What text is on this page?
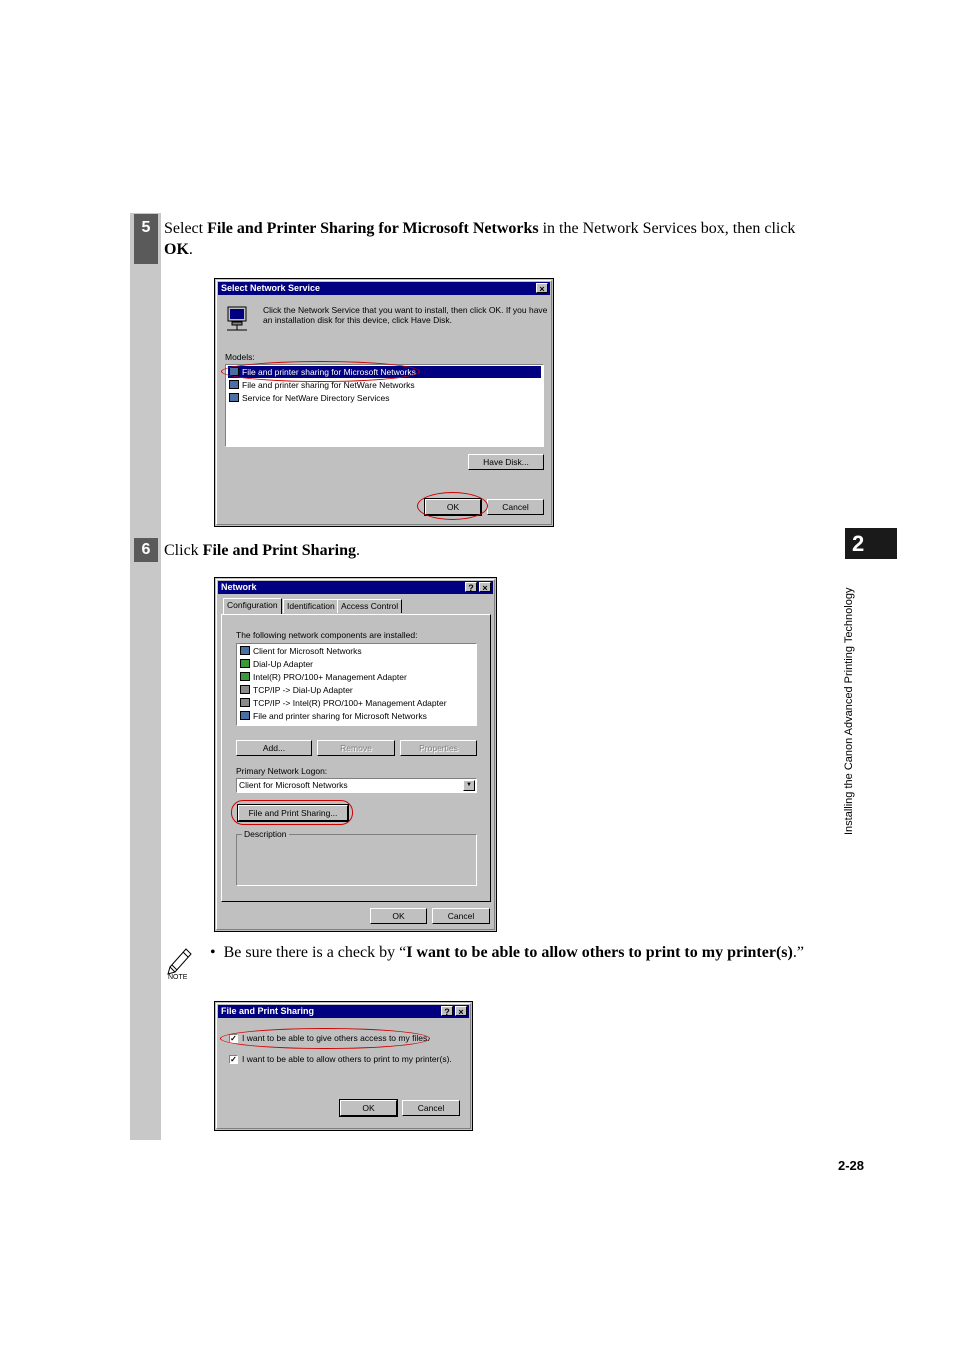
5 Select File and Printer Sharing for Microsoft Networks in the Network Services box, then click OK.
Select Network Service	×
Click the Network Service that you want to install, then click OK. If you have
an installation disk for this device, click Have Disk.
Models:
File and printer sharing for Microsoft Networks
File and printer sharing for NetWare Networks
Service for NetWare Directory Services
Have Disk...
OK	Cancel
6 Click File and Print Sharing.
Network	? ×
Configuration	Identification Access Control
The following network components are installed:
Client for Microsoft Networks
Dial-Up Adapter
Intel(R) PRO/100+ Management Adapter
TCP/IP -> Dial-Up Adapter
TCP/IP -> Intel(R) PRO/100+ Management Adapter
File and printer sharing for Microsoft Networks
Add...	Remove	Properties
Primary Network Logon:
Client for Microsoft Networks	▼
File and Print Sharing...
Description
OK	Cancel
NOTE
• Be sure there is a check by “I want to be able to allow others to print to my printer(s).”
File and Print Sharing	? ×
✓ I want to be able to give others access to my files.
✓ I want to be able to allow others to print to my printer(s).
OK	Cancel
2
Installing the Canon Advanced Printing Technology
2-28
